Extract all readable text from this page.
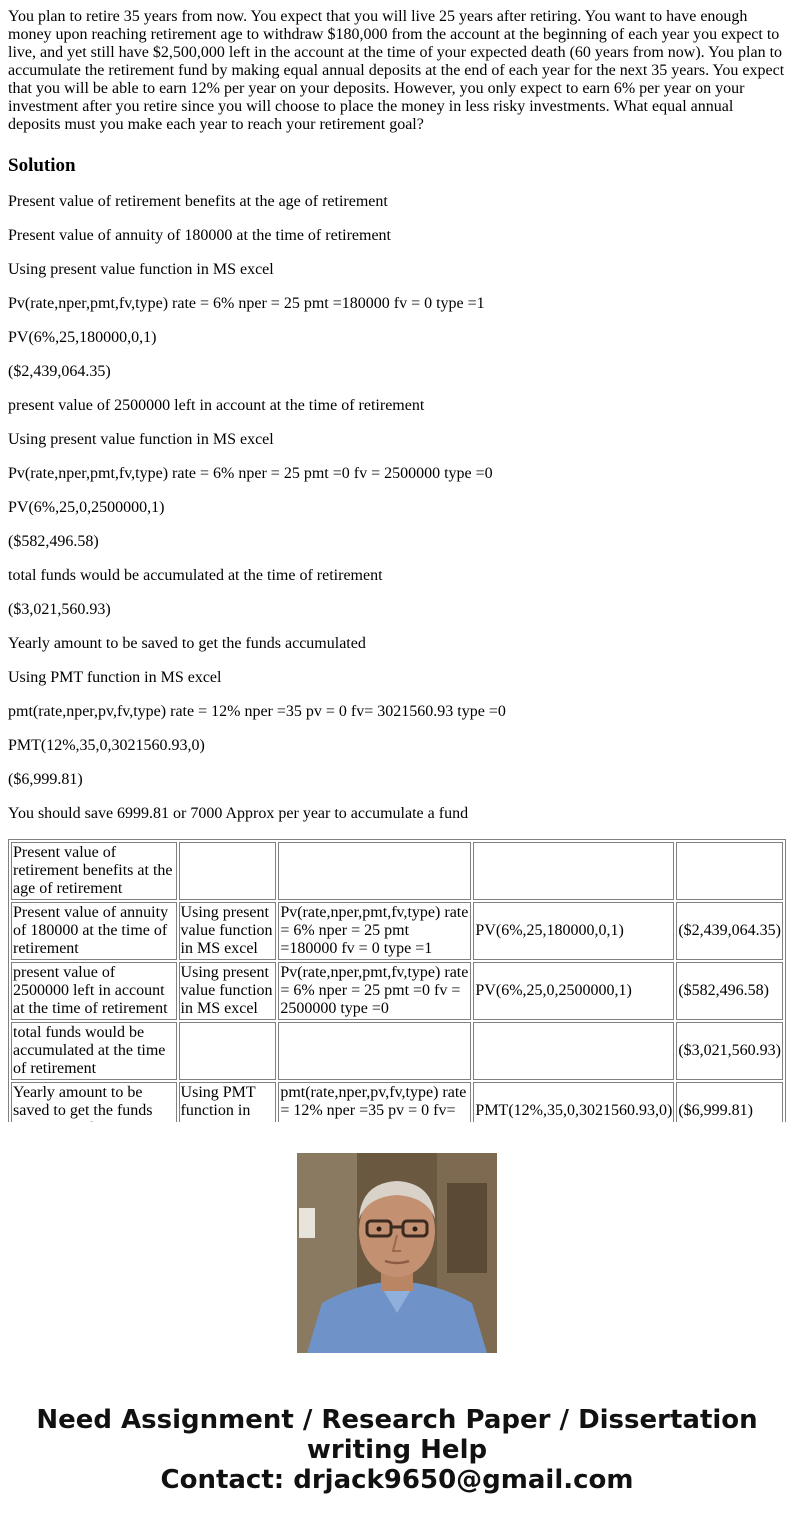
You plan to retire 35 years from now. You expect that you will live 25 years after retiring. You want to have enough money upon reaching retirement age to withdraw $180,000 from the account at the beginning of each year you expect to live, and yet still have $2,500,000 left in the account at the time of your expected death (60 years from now). You plan to accumulate the retirement fund by making equal annual deposits at the end of each year for the next 35 years. You expect that you will be able to earn 12% per year on your deposits. However, you only expect to earn 6% per year on your investment after you retire since you will choose to place the money in less risky investments. What equal annual deposits must you make each year to reach your retirement goal?

Solution

Present value of retirement benefits at the age of retirement

Present value of annuity of 180000 at the time of retirement

Using present value function in MS excel

Pv(rate,nper,pmt,fv,type) rate = 6% nper = 25 pmt =180000 fv = 0 type =1

PV(6%,25,180000,0,1)

($2,439,064.35)

present value of 2500000 left in account at the time of retirement

Using present value function in MS excel

Pv(rate,nper,pmt,fv,type) rate = 6% nper = 25 pmt =0 fv = 2500000 type =0

PV(6%,25,0,2500000,1)

($582,496.58)

total funds would be accumulated at the time of retirement

($3,021,560.93)

Yearly amount to be saved to get the funds accumulated

Using PMT function in MS excel

pmt(rate,nper,pv,fv,type) rate = 12% nper =35 pv = 0 fv= 3021560.93 type =0

PMT(12%,35,0,3021560.93,0)

($6,999.81)

You should save 6999.81 or 7000 Approx per year to accumulate a fund

Present value of retirement benefits at the age of retirement				
Present value of annuity of 180000 at the time of retirement	Using present value function in MS excel	Pv(rate,nper,pmt,fv,type) rate = 6% nper = 25 pmt =180000 fv = 0 type =1	PV(6%,25,180000,0,1)	($2,439,064.35)
present value of 2500000 left in account at the time of retirement	Using present value function in MS excel	Pv(rate,nper,pmt,fv,type) rate = 6% nper = 25 pmt =0 fv = 2500000 type =0	PV(6%,25,0,2500000,1)	($582,496.58)
total funds would be accumulated at the time of retirement				($3,021,560.93)
Yearly amount to be saved to get the funds	Using PMT function in	pmt(rate,nper,pv,fv,type) rate = 12% nper =35 pv = 0 fv=	PMT(12%,35,0,3021560.93,0)	($6,999.81)
Need Assignment / Research Paper / Dissertation
writing Help
Contact: drjack9650@gmail.com
